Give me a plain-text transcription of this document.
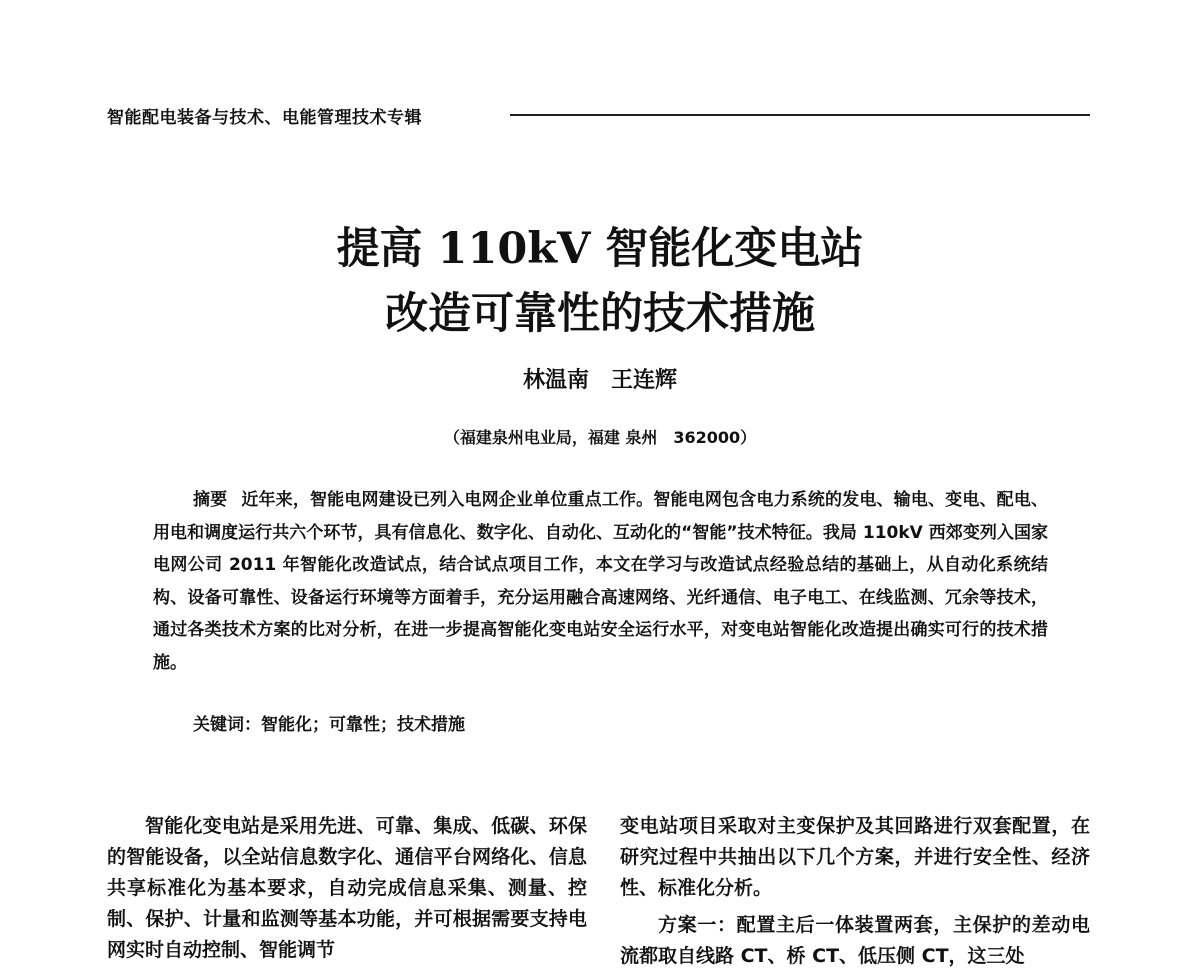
智能配电装备与技术、电能管理技术专辑
提高 110kV 智能化变电站
改造可靠性的技术措施
林温南　王连辉
（福建泉州电业局，福建 泉州　362000）
摘要 近年来，智能电网建设已列入电网企业单位重点工作。智能电网包含电力系统的发电、输电、变电、配电、用电和调度运行共六个环节，具有信息化、数字化、自动化、互动化的“智能”技术特征。我局 110kV 西郊变列入国家电网公司 2011 年智能化改造试点，结合试点项目工作，本文在学习与改造试点经验总结的基础上，从自动化系统结构、设备可靠性、设备运行环境等方面着手，充分运用融合高速网络、光纤通信、电子电工、在线监测、冗余等技术，通过各类技术方案的比对分析，在进一步提高智能化变电站安全运行水平，对变电站智能化改造提出确实可行的技术措施。
关键词：智能化；可靠性；技术措施

智能化变电站是采用先进、可靠、集成、低碳、环保的智能设备，以全站信息数字化、通信平台网络化、信息共享标准化为基本要求，自动完成信息采集、测量、控制、保护、计量和监测等基本功能，并可根据需要支持电网实时自动控制、智能调节

变电站项目采取对主变保护及其回路进行双套配置，在研究过程中共抽出以下几个方案，并进行安全性、经济性、标准化分析。

方案一：配置主后一体装置两套，主保护的差动电流都取自线路 CT、桥 CT、低压侧 CT，这三处
